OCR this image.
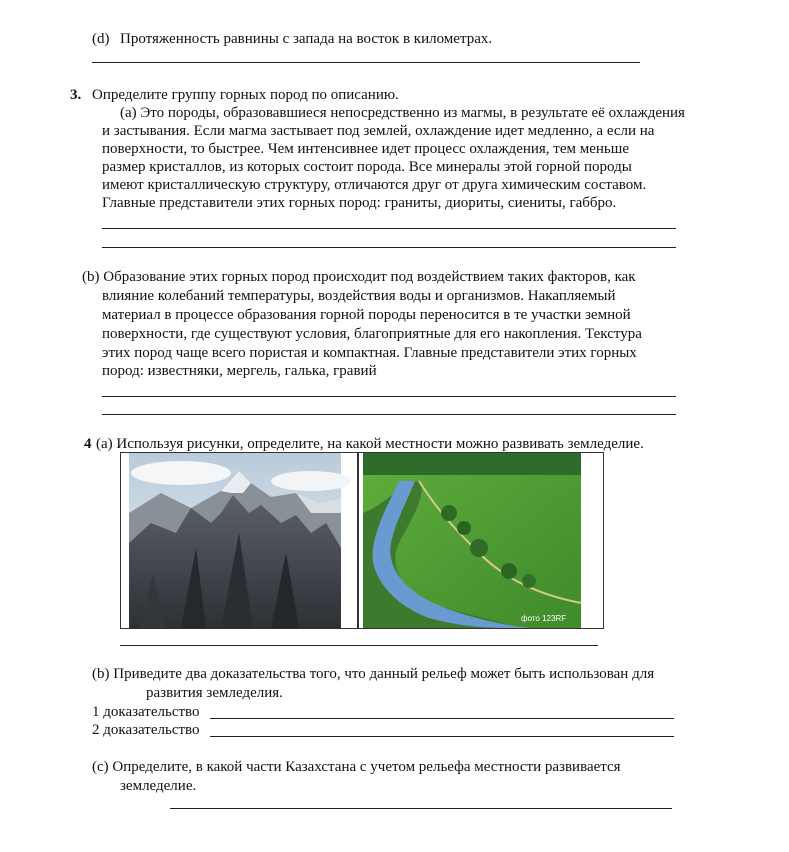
(d) Протяженность равнины с запада на восток в километрах.
3. Определите группу горных пород по описанию.
(a) Это породы, образовавшиеся непосредственно из магмы, в результате её охлаждения
и застывания. Если магма застывает под землей, охлаждение идет медленно, а если на
поверхности, то быстрее. Чем интенсивнее идет процесс охлаждения, тем меньше
размер кристаллов, из которых состоит порода. Все минералы этой горной породы
имеют кристаллическую структуру, отличаются друг от друга химическим составом.
Главные представители этих горных пород: граниты, диориты, сиениты, габбро.
(b) Образование этих горных пород происходит под воздействием таких факторов, как
влияние колебаний температуры, воздействия воды и организмов. Накапляемый
материал в процессе образования горной породы переносится в те участки земной
поверхности, где существуют условия, благоприятные для его накопления. Текстура
этих пород чаще всего пористая и компактная. Главные представители этих горных
пород: известняки, мергель, галька, гравий
4 (a) Используя рисунки, определите, на какой местности можно развивать земледелие.
фото 123RF
(b) Приведите два доказательства того, что данный рельеф может быть использован для
развития земледелия.
1 доказательство
2 доказательство
(c) Определите, в какой части Казахстана с учетом рельефа местности развивается
земледелие.
